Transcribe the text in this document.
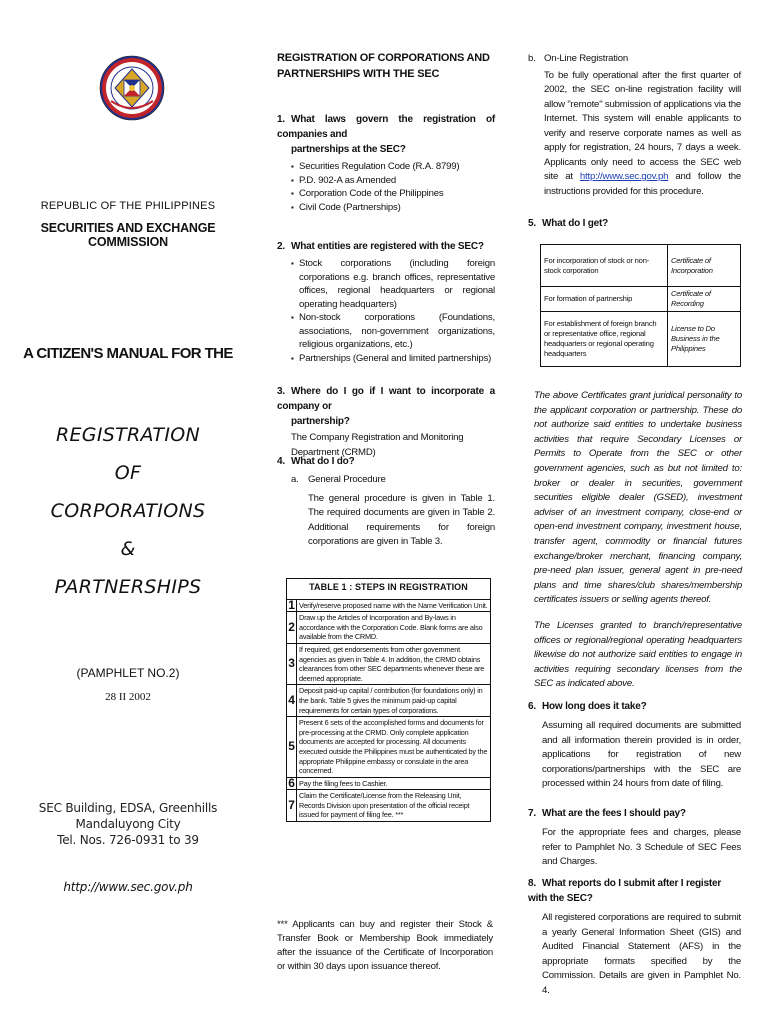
REPUBLIC OF THE PHILIPPINES
SECURITIES AND EXCHANGE COMMISSION
A CITIZEN'S MANUAL FOR THE
REGISTRATION
OF
CORPORATIONS
&
PARTNERSHIPS
(PAMPHLET NO.2)
28 II 2002
SEC Building, EDSA, Greenhills
Mandaluyong City
Tel. Nos. 726-0931 to 39
http://www.sec.gov.ph
REGISTRATION OF CORPORATIONS AND
PARTNERSHIPS WITH THE SEC
1. What laws govern the registration of companies and
partnerships at the SEC?
▪ Securities Regulation Code (R.A. 8799)
▪ P.D. 902-A as Amended
▪ Corporation Code of the Philippines
▪ Civil Code (Partnerships)
2. What entities are registered with the SEC?
▪ Stock corporations (including foreign corporations e.g. branch offices, representative offices, regional headquarters or regional operating headquarters)
▪ Non-stock corporations (Foundations, associations, non-government organizations, religious organizations, etc.)
▪ Partnerships (General and limited partnerships)
3. Where do I go if I want to incorporate a company or
partnership?
The Company Registration and Monitoring Department (CRMD)
4. What do I do?
a. General Procedure
The general procedure is given in Table 1. The required documents are given in Table 2. Additional requirements for foreign corporations are given in Table 3.
TABLE 1 : STEPS IN REGISTRATION	
1	Verify/reserve proposed name with the Name Verification Unit.
2	Draw up the Articles of Incorporation and By-laws in accordance with the Corporation Code. Blank forms are also available from the CRMD.
3	If required, get endorsements from other government agencies as given in Table 4. In addition, the CRMD obtains clearances from other SEC departments whenever these are deemed appropriate.
4	Deposit paid-up capital / contribution (for foundations only) in the bank. Table 5 gives the minimum paid-up capital requirements for certain types of corporations.
5	Present 6 sets of the accomplished forms and documents for pre-processing at the CRMD. Only complete application documents are accepted for processing. All documents executed outside the Philippines must be authenticated by the appropriate Philippine embassy or consulate in the area concerned.
6	Pay the filing fees to Cashier.
7	Claim the Certificate/License from the Releasing Unit, Records Division upon presentation of the official receipt issued for payment of filing fee. ***
*** Applicants can buy and register their Stock & Transfer Book or Membership Book immediately after the issuance of the Certificate of Incorporation or within 30 days upon issuance thereof.
b. On-Line Registration
To be fully operational after the first quarter of 2002, the SEC on-line registration facility will allow "remote" submission of applications via the Internet. This system will enable applicants to verify and reserve corporate names as well as apply for registration, 24 hours, 7 days a week. Applicants only need to access the SEC web site at http://www.sec.gov.ph and follow the instructions provided for this procedure.
5. What do I get?
For incorporation of stock or non-stock corporation	Certificate of Incorporation
For formation of partnership	Certificate of Recording
For establishment of foreign branch or representative office, regional headquarters or regional operating headquarters	License to Do Business in the Philippines
The above Certificates grant juridical personality to the applicant corporation or partnership. These do not authorize said entities to undertake business activities that require Secondary Licenses or Permits to Operate from the SEC or other government agencies, such as but not limited to: broker or dealer in securities, government securities eligible dealer (GSED), investment adviser of an investment company, close-end or open-end investment company, investment house, transfer agent, commodity or financial futures exchange/broker merchant, financing company, pre-need plan issuer, general agent in pre-need plans and time shares/club shares/membership certificates issuers or selling agents thereof.
The Licenses granted to branch/representative offices or regional/regional operating headquarters likewise do not authorize said entities to engage in activities requiring secondary licenses from the SEC as indicated above.
6. How long does it take?
Assuming all required documents are submitted and all information therein provided is in order, applications for registration of new corporations/partnerships with the SEC are processed within 24 hours from date of filing.
7. What are the fees I should pay?
For the appropriate fees and charges, please refer to Pamphlet No. 3 Schedule of SEC Fees and Charges.
8. What reports do I submit after I register with the SEC?
All registered corporations are required to submit a yearly General Information Sheet (GIS) and Audited Financial Statement (AFS) in the appropriate formats specified by the Commission. Details are given in Pamphlet No. 4.
